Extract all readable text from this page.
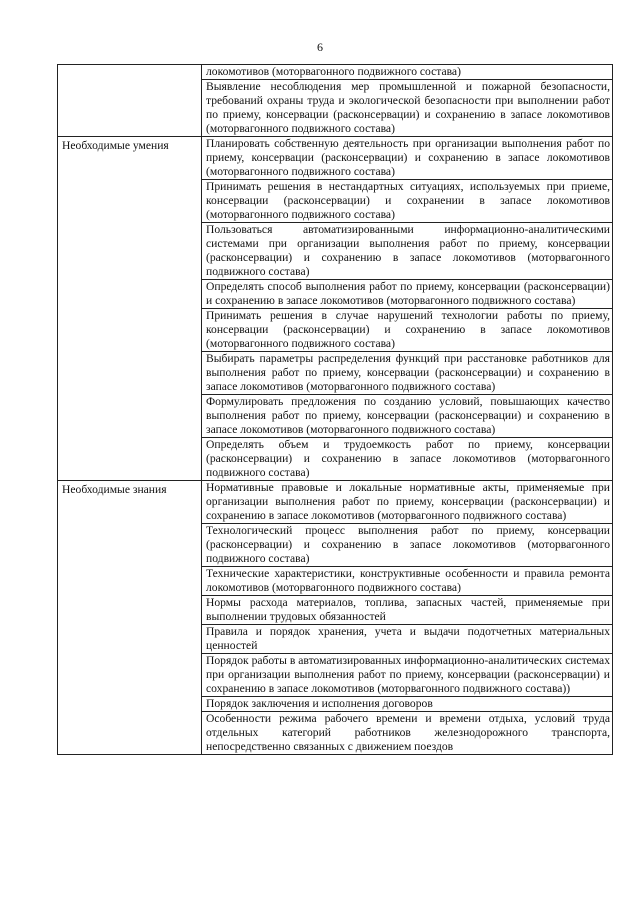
6
	локомотивов (моторвагонного подвижного состава)
	Выявление несоблюдения мер промышленной и пожарной безопасности, требований охраны труда и экологической безопасности при выполнении работ по приему, консервации (расконсервации) и сохранению в запасе локомотивов (моторвагонного подвижного состава)
Необходимые умения	Планировать собственную деятельность при организации выполнения работ по приему, консервации (расконсервации) и сохранению в запасе локомотивов (моторвагонного подвижного состава)
	Принимать решения в нестандартных ситуациях, используемых при приеме, консервации (расконсервации) и сохранении в запасе локомотивов (моторвагонного подвижного состава)
	Пользоваться автоматизированными информационно-аналитическими системами при организации выполнения работ по приему, консервации (расконсервации) и сохранению в запасе локомотивов (моторвагонного подвижного состава)
	Определять способ выполнения работ по приему, консервации (расконсервации) и сохранению в запасе локомотивов (моторвагонного подвижного состава)
	Принимать решения в случае нарушений технологии работы по приему, консервации (расконсервации) и сохранению в запасе локомотивов (моторвагонного подвижного состава)
	Выбирать параметры распределения функций при расстановке работников для выполнения работ по приему, консервации (расконсервации) и сохранению в запасе локомотивов (моторвагонного подвижного состава)
	Формулировать предложения по созданию условий, повышающих качество выполнения работ по приему, консервации (расконсервации) и сохранению в запасе локомотивов (моторвагонного подвижного состава)
	Определять объем и трудоемкость работ по приему, консервации (расконсервации) и сохранению в запасе локомотивов (моторвагонного подвижного состава)
Необходимые знания	Нормативные правовые и локальные нормативные акты, применяемые при организации выполнения работ по приему, консервации (расконсервации) и сохранению в запасе локомотивов (моторвагонного подвижного состава)
	Технологический процесс выполнения работ по приему, консервации (расконсервации) и сохранению в запасе локомотивов (моторвагонного подвижного состава)
	Технические характеристики, конструктивные особенности и правила ремонта локомотивов (моторвагонного подвижного состава)
	Нормы расхода материалов, топлива, запасных частей, применяемые при выполнении трудовых обязанностей
	Правила и порядок хранения, учета и выдачи подотчетных материальных ценностей
	Порядок работы в автоматизированных информационно-аналитических системах при организации выполнения работ по приему, консервации (расконсервации) и сохранению в запасе локомотивов (моторвагонного подвижного состава))
	Порядок заключения и исполнения договоров
	Особенности режима рабочего времени и времени отдыха, условий труда отдельных категорий работников железнодорожного транспорта, непосредственно связанных с движением поездов
